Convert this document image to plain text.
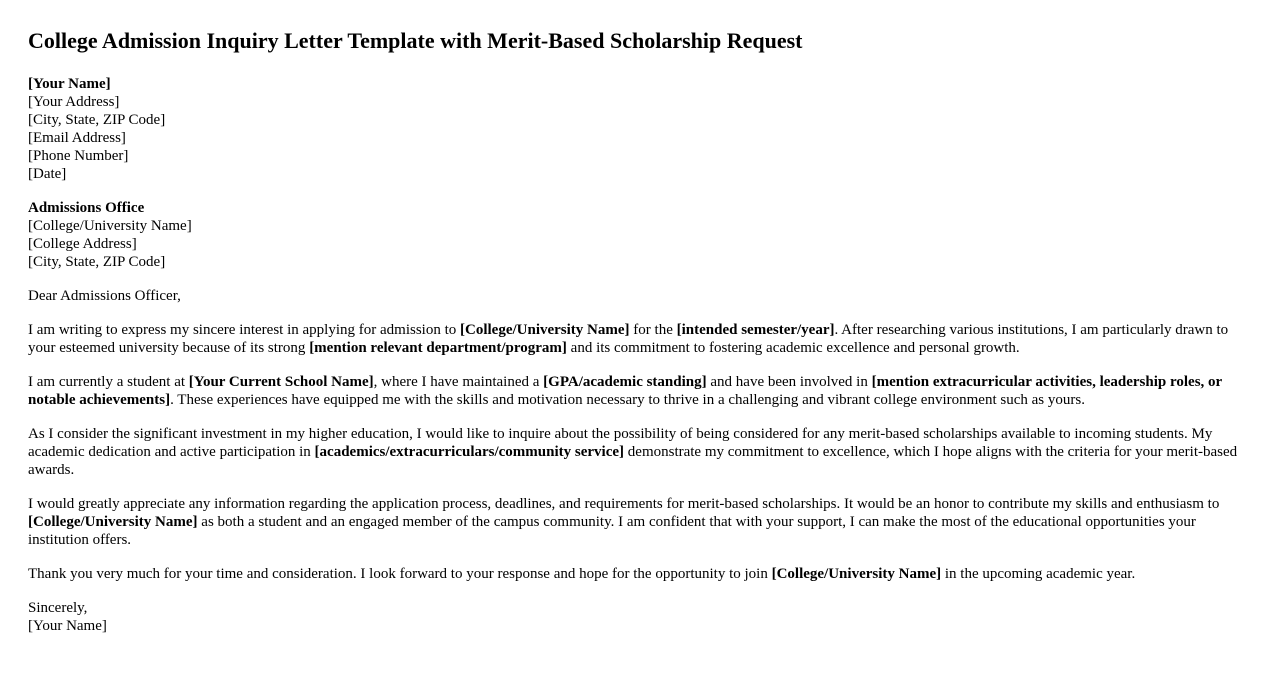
College Admission Inquiry Letter Template with Merit-Based Scholarship Request
[Your Name]
[Your Address]
[City, State, ZIP Code]
[Email Address]
[Phone Number]
[Date]
Admissions Office
[College/University Name]
[College Address]
[City, State, ZIP Code]

Dear Admissions Officer,

I am writing to express my sincere interest in applying for admission to [College/University Name] for the [intended semester/year]. After researching various institutions, I am particularly drawn to your esteemed university because of its strong [mention relevant department/program] and its commitment to fostering academic excellence and personal growth.

I am currently a student at [Your Current School Name], where I have maintained a [GPA/academic standing] and have been involved in [mention extracurricular activities, leadership roles, or notable achievements]. These experiences have equipped me with the skills and motivation necessary to thrive in a challenging and vibrant college environment such as yours.

As I consider the significant investment in my higher education, I would like to inquire about the possibility of being considered for any merit-based scholarships available to incoming students. My academic dedication and active participation in [academics/extracurriculars/community service] demonstrate my commitment to excellence, which I hope aligns with the criteria for your merit-based awards.

I would greatly appreciate any information regarding the application process, deadlines, and requirements for merit-based scholarships. It would be an honor to contribute my skills and enthusiasm to [College/University Name] as both a student and an engaged member of the campus community. I am confident that with your support, I can make the most of the educational opportunities your institution offers.

Thank you very much for your time and consideration. I look forward to your response and hope for the opportunity to join [College/University Name] in the upcoming academic year.

Sincerely,
[Your Name]
